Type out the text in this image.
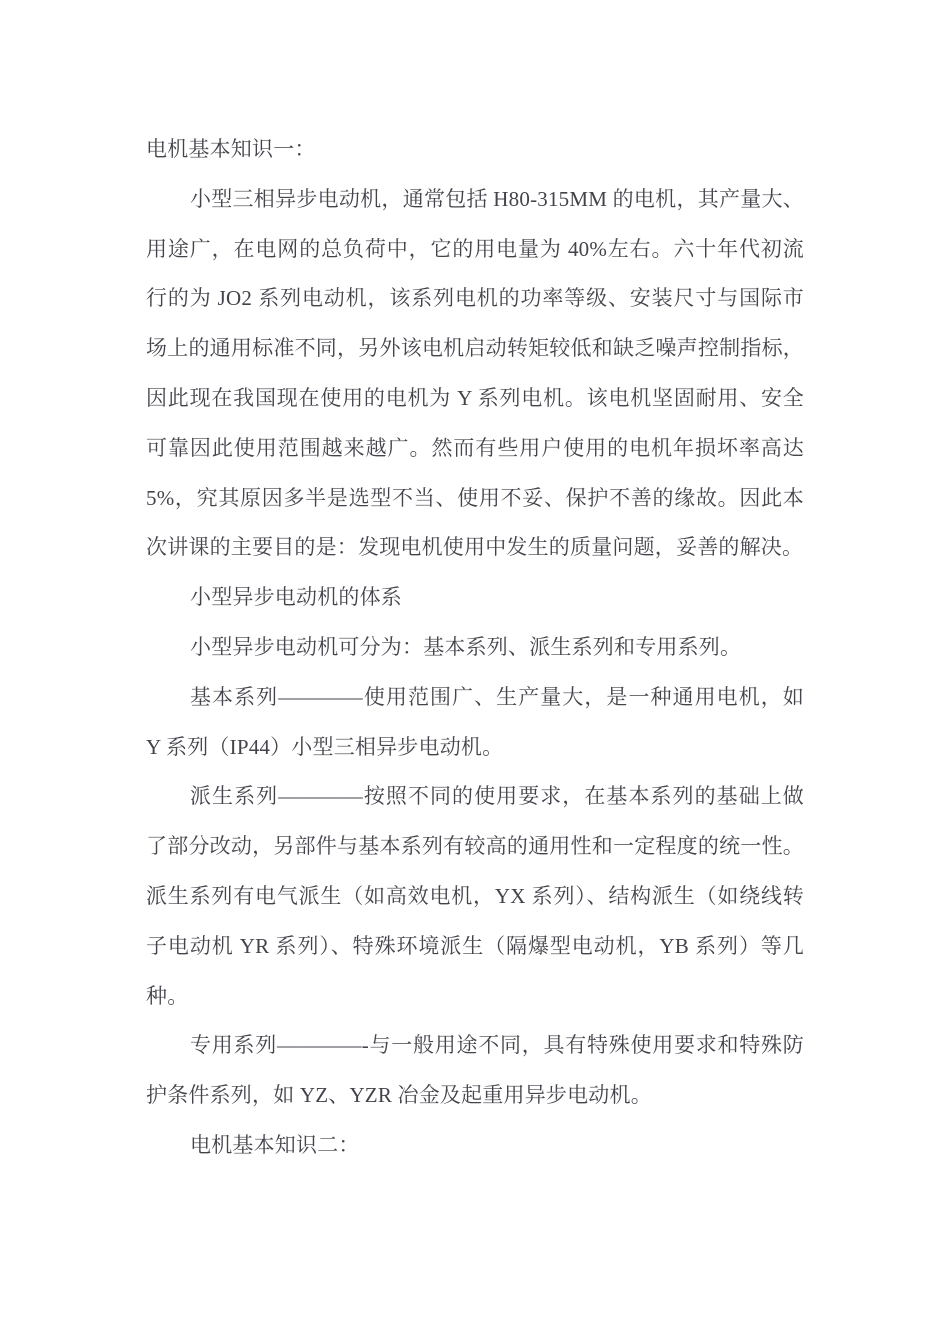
电机基本知识一：

小型三相异步电动机，通常包括 H80-315MM 的电机，其产量大、用途广，在电网的总负荷中，它的用电量为 40%左右。六十年代初流行的为 JO2 系列电动机，该系列电机的功率等级、安装尺寸与国际市场上的通用标准不同，另外该电机启动转矩较低和缺乏噪声控制指标，因此现在我国现在使用的电机为 Y 系列电机。该电机坚固耐用、安全可靠因此使用范围越来越广。然而有些用户使用的电机年损坏率高达 5%，究其原因多半是选型不当、使用不妥、保护不善的缘故。因此本次讲课的主要目的是：发现电机使用中发生的质量问题，妥善的解决。

小型异步电动机的体系

小型异步电动机可分为：基本系列、派生系列和专用系列。

基本系列————使用范围广、生产量大，是一种通用电机，如 Y 系列（IP44）小型三相异步电动机。

派生系列————按照不同的使用要求，在基本系列的基础上做了部分改动，另部件与基本系列有较高的通用性和一定程度的统一性。派生系列有电气派生（如高效电机，YX 系列）、结构派生（如绕线转子电动机 YR 系列）、特殊环境派生（隔爆型电动机，YB 系列）等几种。

专用系列————-与一般用途不同，具有特殊使用要求和特殊防护条件系列，如 YZ、YZR 冶金及起重用异步电动机。

电机基本知识二：
